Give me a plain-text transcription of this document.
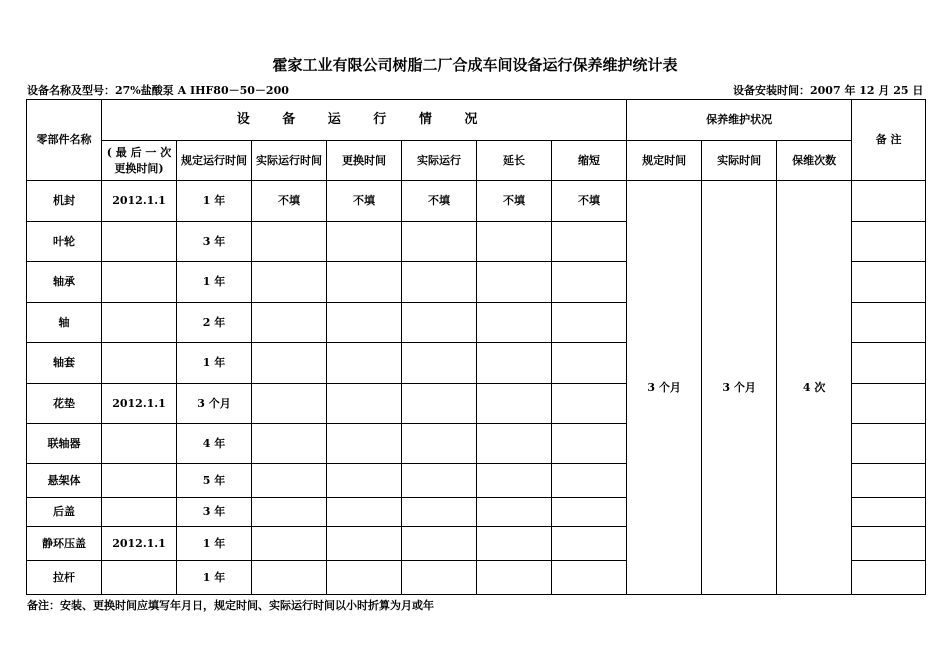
霍家工业有限公司树脂二厂合成车间设备运行保养维护统计表
设备名称及型号：27%盐酸泵 A IHF80－50－200	设备安装时间：2007 年 12 月 25 日
零部件名称	设 备 运 行 情 况							保养维护状况			备 注
	( 最 后 一 次更换时间)	规定运行时间	实际运行时间	更换时间	实际运行	延长	缩短	规定时间	实际时间	保维次数	
机封	2012.1.1	1 年	不填	不填	不填	不填	不填	3 个月	3 个月	4 次	
叶轮		3 年									
轴承		1 年									
轴		2 年									
轴套		1 年									
花垫	2012.1.1	3 个月									
联轴器		4 年									
悬架体		5 年									
后盖		3 年									
静环压盖	2012.1.1	1 年									
拉杆		1 年									
备注：安装、更换时间应填写年月日，规定时间、实际运行时间以小时折算为月或年
